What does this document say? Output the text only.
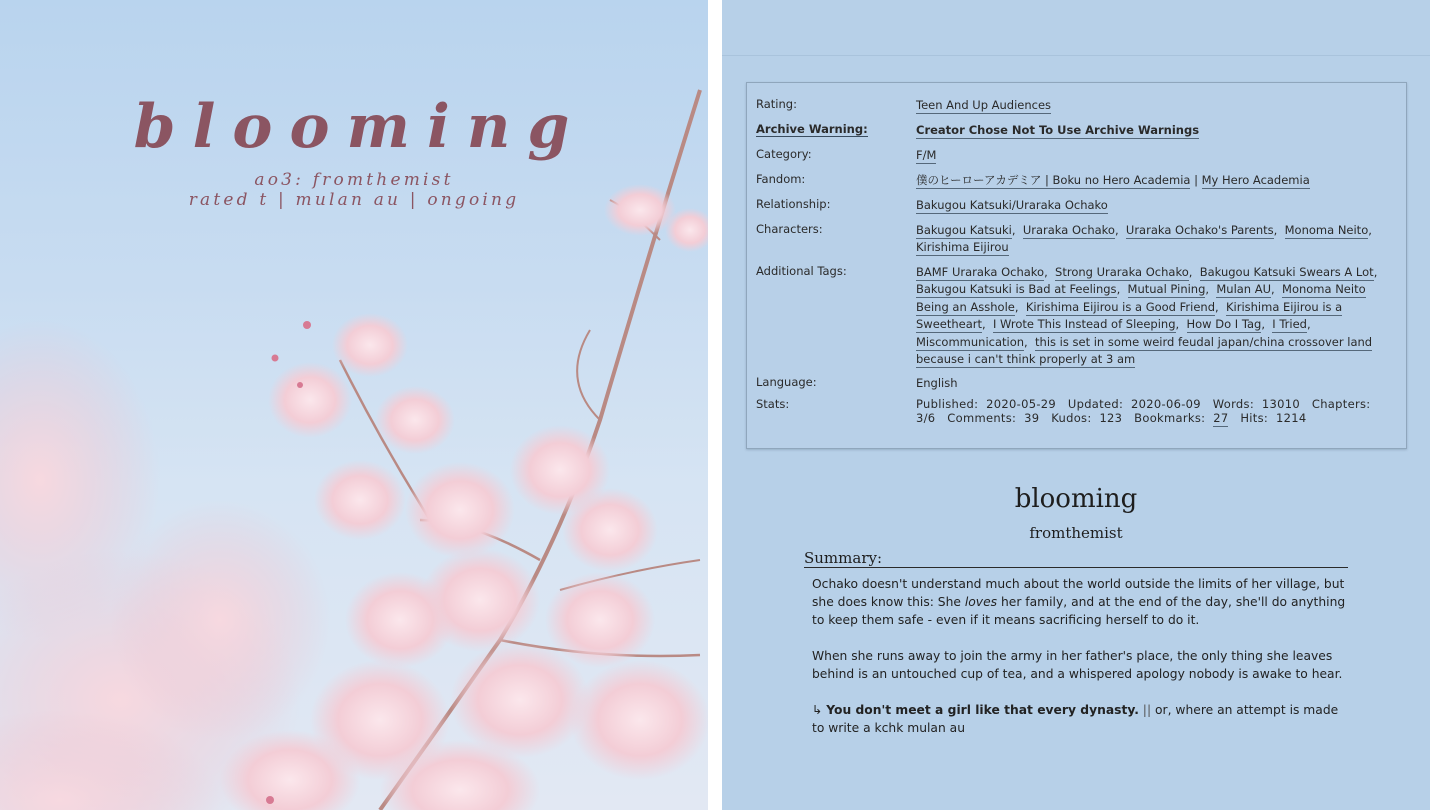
blooming
ao3: fromthemist
rated t | mulan au | ongoing
Rating:	Teen And Up Audiences
Archive Warning:	Creator Chose Not To Use Archive Warnings
Category:	F/M
Fandom:	僕のヒーローアカデミア | Boku no Hero Academia | My Hero Academia
Relationship:	Bakugou Katsuki/Uraraka Ochako
Characters:	Bakugou Katsuki,  Uraraka Ochako,  Uraraka Ochako's Parents,  Monoma Neito, Kirishima Eijirou
Additional Tags:	BAMF Uraraka Ochako,  Strong Uraraka Ochako,  Bakugou Katsuki Swears A Lot, Bakugou Katsuki is Bad at Feelings,  Mutual Pining,  Mulan AU,  Monoma Neito Being an Asshole,  Kirishima Eijirou is a Good Friend,  Kirishima Eijirou is a Sweetheart,  I Wrote This Instead of Sleeping,  How Do I Tag,  I Tried, Miscommunication,  this is set in some weird feudal japan/china crossover land because i can't think properly at 3 am
Language:	English
Stats:	Published: 2020-05-29 Updated: 2020-06-09 Words: 13010 Chapters: 3/6 Comments: 39 Kudos: 123 Bookmarks: 27 Hits: 1214
blooming
fromthemist
Summary:
Ochako doesn't understand much about the world outside the limits of her village, but she does know this: She loves her family, and at the end of the day, she'll do anything to keep them safe - even if it means sacrificing herself to do it.
When she runs away to join the army in her father's place, the only thing she leaves behind is an untouched cup of tea, and a whispered apology nobody is awake to hear.
↳ You don't meet a girl like that every dynasty. || or, where an attempt is made to write a kchk mulan au
